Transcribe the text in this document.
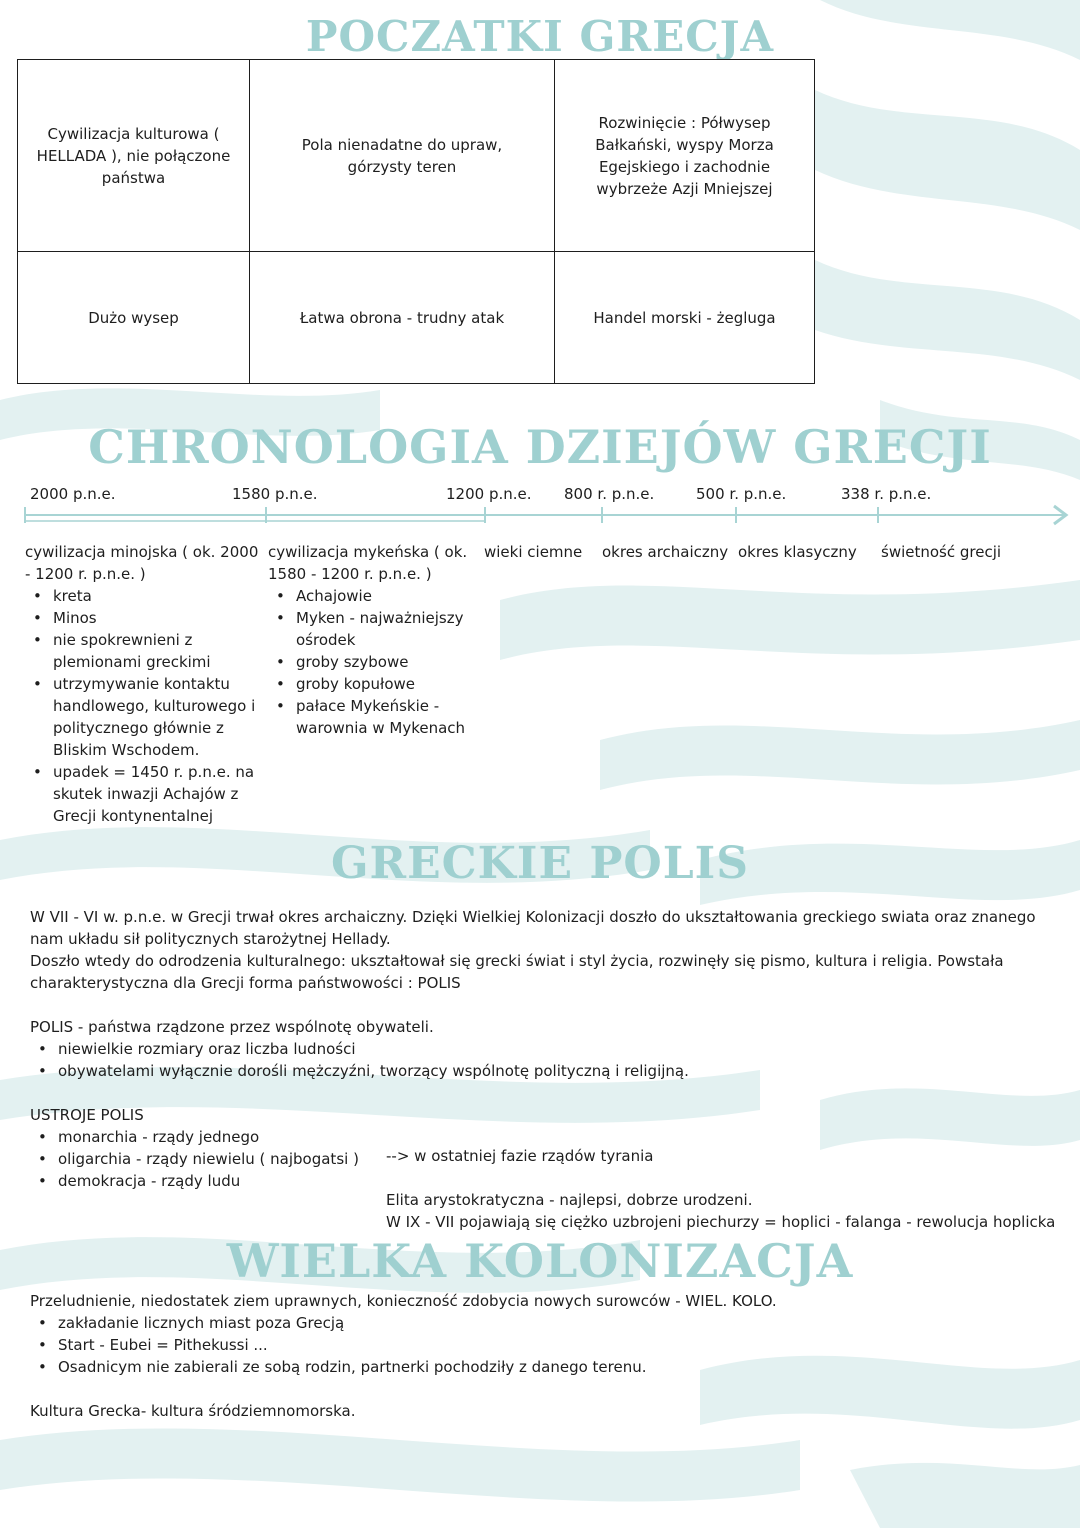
POCZATKI GRECJA
Cywilizacja kulturowa ( HELLADA ), nie połączone państwa	Pola nienadatne do upraw, górzysty teren	Rozwinięcie : Półwysep Bałkański, wyspy Morza Egejskiego i zachodnie wybrzeże Azji Mniejszej
Dużo wysep	Łatwa obrona - trudny atak	Handel morski - żegluga
CHRONOLOGIA DZIEJÓW GRECJI
2000 p.n.e.	1580 p.n.e.	1200 p.n.e. 800 r. p.n.e.	500 r. p.n.e.	338 r. p.n.e.
cywilizacja minojska ( ok. 2000 - 1200 r. p.n.e. )
• kreta
• Minos
• nie spokrewnieni z plemionami greckimi
• utrzymywanie kontaktu handlowego, kulturowego i politycznego głównie z Bliskim Wschodem.
• upadek = 1450 r. p.n.e. na skutek inwazji Achajów z Grecji kontynentalnej
cywilizacja mykeńska ( ok. 1580 - 1200 r. p.n.e. )
• Achajowie
• Myken - najważniejszy ośrodek
• groby szybowe
• groby kopułowe
• pałace Mykeńskie - warownia w Mykenach
wieki ciemne okres archaiczny okres klasyczny świetność grecji
GRECKIE POLIS
W VII - VI w. p.n.e. w Grecji trwał okres archaiczny. Dzięki Wielkiej Kolonizacji doszło do ukształtowania greckiego swiata oraz znanego nam układu sił politycznych starożytnej Hellady.
Doszło wtedy do odrodzenia kulturalnego: ukształtował się grecki świat i styl życia, rozwinęły się pismo, kultura i religia. Powstała charakterystyczna dla Grecji forma państwowości : POLIS
POLIS - państwa rządzone przez wspólnotę obywateli.
• niewielkie rozmiary oraz liczba ludności
• obywatelami wyłącznie dorośli mężczyźni, tworzący wspólnotę polityczną i religijną.
USTROJE POLIS
• monarchia - rządy jednego
• oligarchia - rządy niewielu ( najbogatsi )
• demokracja - rządy ludu
--> w ostatniej fazie rządów tyrania
Elita arystokratyczna - najlepsi, dobrze urodzeni.
W IX - VII pojawiają się ciężko uzbrojeni piechurzy = hoplici - falanga - rewolucja hoplicka
WIELKA KOLONIZACJA
Przeludnienie, niedostatek ziem uprawnych, konieczność zdobycia nowych surowców - WIEL. KOLO.
• zakładanie licznych miast poza Grecją
• Start - Eubei = Pithekussi ...
• Osadnicym nie zabierali ze sobą rodzin, partnerki pochodziły z danego terenu.
Kultura Grecka- kultura śródziemnomorska.
